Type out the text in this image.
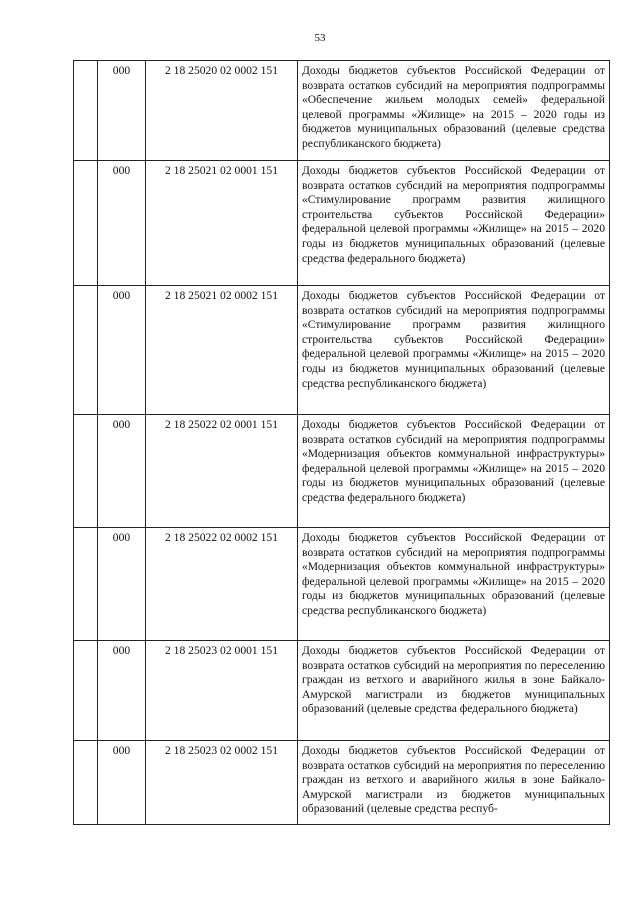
53
	000	2 18 25020 02 0002 151	Доходы бюджетов субъектов Российской Федерации от возврата остатков субсидий на мероприятия подпрограммы «Обеспечение жильем молодых семей» федеральной целевой программы «Жилище» на 2015 – 2020 годы из бюджетов муниципальных образований (целевые средства республиканского бюджета)

	000	2 18 25021 02 0001 151	Доходы бюджетов субъектов Российской Федерации от возврата остатков субсидий на мероприятия подпрограммы «Стимулирование программ развития жилищного строительства субъектов Российской Федерации» федеральной целевой программы «Жилище» на 2015 – 2020 годы из бюджетов муниципальных образований (целевые средства федерального бюджета)

	000	2 18 25021 02 0002 151	Доходы бюджетов субъектов Российской Федерации от возврата остатков субсидий на мероприятия подпрограммы «Стимулирование программ развития жилищного строительства субъектов Российской Федерации» федеральной целевой программы «Жилище» на 2015 – 2020 годы из бюджетов муниципальных образований (целевые средства республиканского бюджета)

	000	2 18 25022 02 0001 151	Доходы бюджетов субъектов Российской Федерации от возврата остатков субсидий на мероприятия подпрограммы «Модернизация объектов коммунальной инфраструктуры» федеральной целевой программы «Жилище» на 2015 – 2020 годы из бюджетов муниципальных образований (целевые средства федерального бюджета)

	000	2 18 25022 02 0002 151	Доходы бюджетов субъектов Российской Федерации от возврата остатков субсидий на мероприятия подпрограммы «Модернизация объектов коммунальной инфраструктуры» федеральной целевой программы «Жилище» на 2015 – 2020 годы из бюджетов муниципальных образований (целевые средства республиканского бюджета)

	000	2 18 25023 02 0001 151	Доходы бюджетов субъектов Российской Федерации от возврата остатков субсидий на мероприятия по переселению граждан из ветхого и аварийного жилья в зоне Байкало-Амурской магистрали из бюджетов муниципальных образований (целевые средства федерального бюджета)

	000	2 18 25023 02 0002 151	Доходы бюджетов субъектов Российской Федерации от возврата остатков субсидий на мероприятия по переселению граждан из ветхого и аварийного жилья в зоне Байкало-Амурской магистрали из бюджетов муниципальных образований (целевые средства респуб-
